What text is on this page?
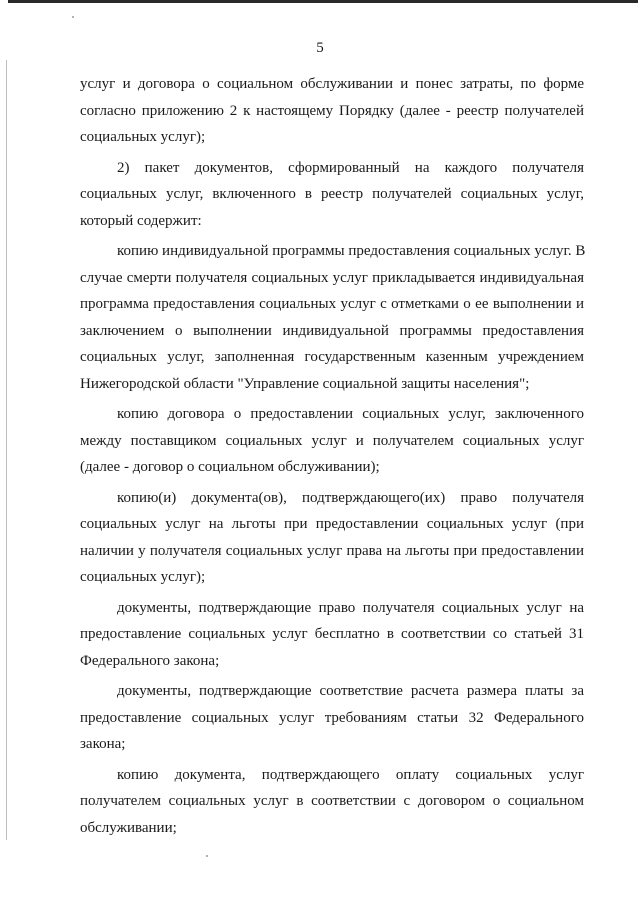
5

услуг и договора о социальном обслуживании и понес затраты, по форме
согласно приложению 2 к настоящему Порядку (далее - реестр получателей
социальных услуг);

2) пакет документов, сформированный на каждого получателя
социальных услуг, включенного в реестр получателей социальных услуг,
который содержит:

копию индивидуальной программы предоставления социальных услуг. В
случае смерти получателя социальных услуг прикладывается индивидуальная
программа предоставления социальных услуг с отметками о ее выполнении и
заключением о выполнении индивидуальной программы предоставления
социальных услуг, заполненная государственным казенным учреждением
Нижегородской области "Управление социальной защиты населения";

копию договора о предоставлении социальных услуг, заключенного
между поставщиком социальных услуг и получателем социальных услуг
(далее - договор о социальном обслуживании);

копию(и) документа(ов), подтверждающего(их) право получателя
социальных услуг на льготы при предоставлении социальных услуг (при
наличии у получателя социальных услуг права на льготы при предоставлении
социальных услуг);

документы, подтверждающие право получателя социальных услуг на
предоставление социальных услуг бесплатно в соответствии со статьей 31
Федерального закона;

документы, подтверждающие соответствие расчета размера платы за
предоставление социальных услуг требованиям статьи 32 Федерального
закона;

копию документа, подтверждающего оплату социальных услуг
получателем социальных услуг в соответствии с договором о социальном
обслуживании;
